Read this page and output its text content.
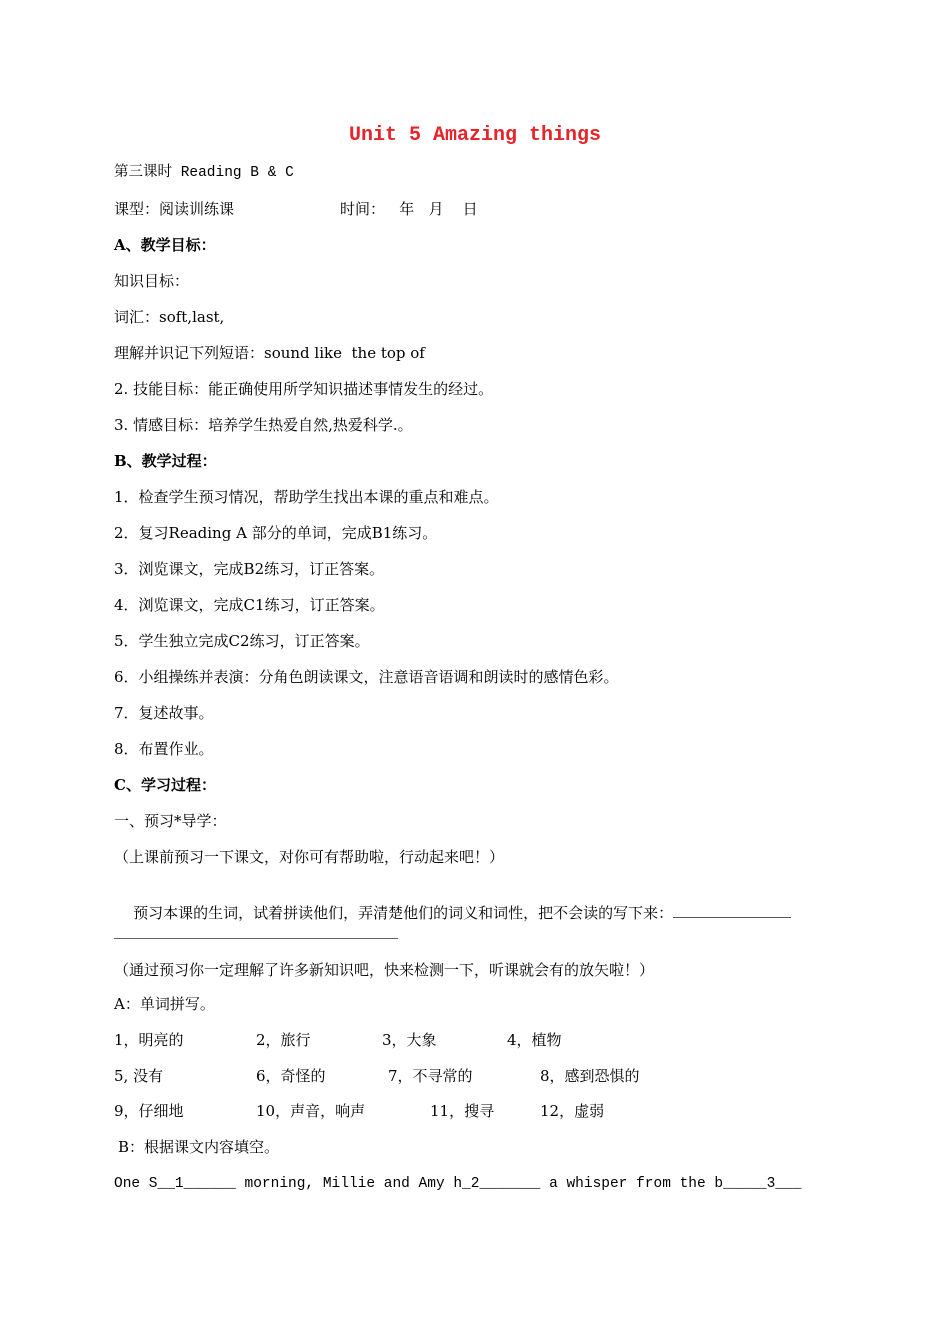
Unit 5 Amazing things
第三课时 Reading B & C
课型：阅读训练课	时间：   年   月    日
A、教学目标：
知识目标：
词汇：soft,last,
理解并识记下列短语：sound like  the top of
2. 技能目标：能正确使用所学知识描述事情发生的经过。
3. 情感目标：培养学生热爱自然,热爱科学.。
B、教学过程：
1．检查学生预习情况，帮助学生找出本课的重点和难点。
2．复习Reading A 部分的单词，完成B1练习。
3．浏览课文，完成B2练习，订正答案。
4．浏览课文，完成C1练习，订正答案。
5．学生独立完成C2练习，订正答案。
6．小组操练并表演：分角色朗读课文，注意语音语调和朗读时的感情色彩。
7．复述故事。
8．布置作业。
C、学习过程：
一、预习*导学：
（上课前预习一下课文，对你可有帮助啦，行动起来吧！）

预习本课的生词，试着拼读他们，弄清楚他们的词义和词性，把不会读的写下来：

（通过预习你一定理解了许多新知识吧，快来检测一下，听课就会有的放矢啦！）
A：单词拼写。
1，明亮的	2，旅行	3，大象	4，植物
5, 没有	6，奇怪的	7，不寻常的	8，感到恐惧的
9，仔细地	10，声音，响声	11，搜寻	12，虚弱
B：根据课文内容填空。
One S__1______ morning, Millie and Amy h_2_______ a whisper from the b_____3___
